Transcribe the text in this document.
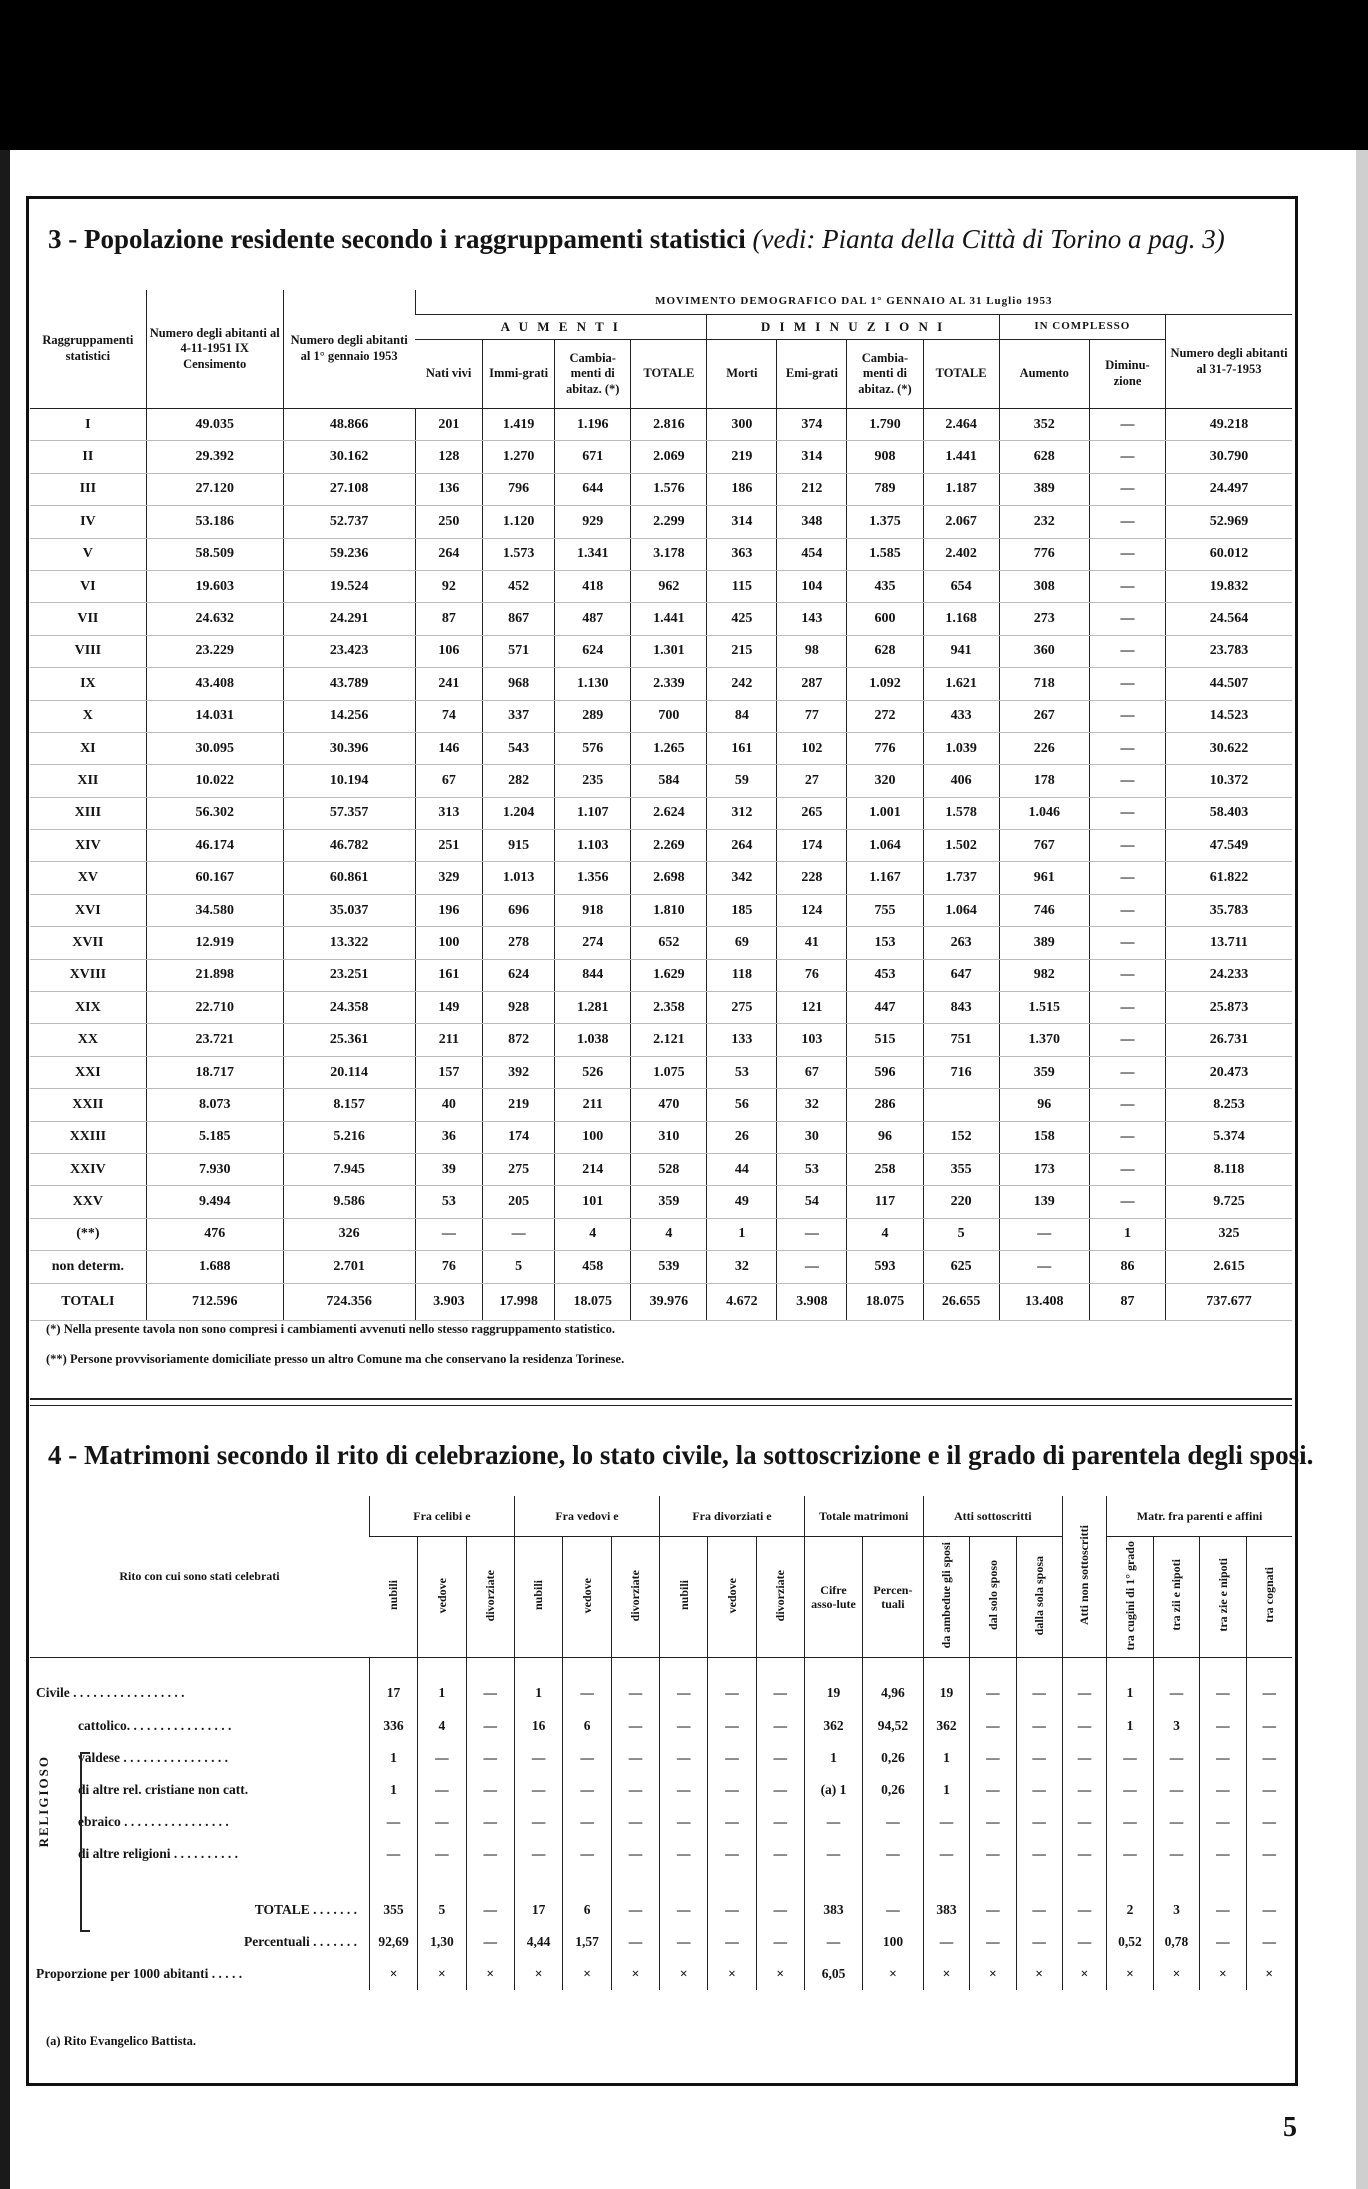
3 - Popolazione residente secondo i raggruppamenti statistici (vedi: Pianta della Città di Torino a pag. 3)
Raggruppamenti statistici	Numero degli abitanti al 4-11-1951 IX Censimento	Numero degli abitanti al 1° gennaio 1953	MOVIMENTO DEMOGRAFICO DAL 1° GENNAIO AL 31 Luglio 1953										
			A U M E N T I				D I M I N U Z I O N I				IN COMPLESSO		Numero degli abitanti al 31-7-1953
			Nati vivi	Immi-grati	Cambia-menti di abitaz. (*)	TOTALE	Morti	Emi-grati	Cambia-menti di abitaz. (*)	TOTALE	Aumento	Diminu-zione	
I	49.035	48.866	201	1.419	1.196	2.816	300	374	1.790	2.464	352	—	49.218
II	29.392	30.162	128	1.270	671	2.069	219	314	908	1.441	628	—	30.790
III	27.120	27.108	136	796	644	1.576	186	212	789	1.187	389	—	24.497
IV	53.186	52.737	250	1.120	929	2.299	314	348	1.375	2.067	232	—	52.969
V	58.509	59.236	264	1.573	1.341	3.178	363	454	1.585	2.402	776	—	60.012
VI	19.603	19.524	92	452	418	962	115	104	435	654	308	—	19.832
VII	24.632	24.291	87	867	487	1.441	425	143	600	1.168	273	—	24.564
VIII	23.229	23.423	106	571	624	1.301	215	98	628	941	360	—	23.783
IX	43.408	43.789	241	968	1.130	2.339	242	287	1.092	1.621	718	—	44.507
X	14.031	14.256	74	337	289	700	84	77	272	433	267	—	14.523
XI	30.095	30.396	146	543	576	1.265	161	102	776	1.039	226	—	30.622
XII	10.022	10.194	67	282	235	584	59	27	320	406	178	—	10.372
XIII	56.302	57.357	313	1.204	1.107	2.624	312	265	1.001	1.578	1.046	—	58.403
XIV	46.174	46.782	251	915	1.103	2.269	264	174	1.064	1.502	767	—	47.549
XV	60.167	60.861	329	1.013	1.356	2.698	342	228	1.167	1.737	961	—	61.822
XVI	34.580	35.037	196	696	918	1.810	185	124	755	1.064	746	—	35.783
XVII	12.919	13.322	100	278	274	652	69	41	153	263	389	—	13.711
XVIII	21.898	23.251	161	624	844	1.629	118	76	453	647	982	—	24.233
XIX	22.710	24.358	149	928	1.281	2.358	275	121	447	843	1.515	—	25.873
XX	23.721	25.361	211	872	1.038	2.121	133	103	515	751	1.370	—	26.731
XXI	18.717	20.114	157	392	526	1.075	53	67	596	716	359	—	20.473
XXII	8.073	8.157	40	219	211	470	56	32	286		96	—	8.253
XXIII	5.185	5.216	36	174	100	310	26	30	96	152	158	—	5.374
XXIV	7.930	7.945	39	275	214	528	44	53	258	355	173	—	8.118
XXV	9.494	9.586	53	205	101	359	49	54	117	220	139	—	9.725
(**)	476	326	—	—	4	4	1	—	4	5	—	1	325
non determ.	1.688	2.701	76	5	458	539	32	—	593	625	—	86	2.615
TOTALI	712.596	724.356	3.903	17.998	18.075	39.976	4.672	3.908	18.075	26.655	13.408	87	737.677
(*) Nella presente tavola non sono compresi i cambiamenti avvenuti nello stesso raggruppamento statistico.
(**) Persone provvisoriamente domiciliate presso un altro Comune ma che conservano la residenza Torinese.
4 - Matrimoni secondo il rito di celebrazione, lo stato civile, la sottoscrizione e il grado di parentela degli sposi.
Rito con cui sono stati celebrati	Fra celibi e			Fra vedovi e			Fra divorziati e			Totale matrimoni		Atti sottoscritti			Atti non sottoscritti	Matr. fra parenti e affini			
	nubili	vedove	divorziate	nubili	vedove	divorziate	nubili	vedove	divorziate	Cifre asso-lute	Percen-tuali	da ambedue gli sposi	dal solo sposo	dalla sola sposa		tra cugini di 1° grado	tra zii e nipoti	tra zie e nipoti	tra cognati
Civile . . . . . . . . . . . . . . . . .	17	1	—	1	—	—	—	—	—	19	4,96	19	—	—	—	1	—	—	—
cattolico. . . . . . . . . . . . . . . .	336	4	—	16	6	—	—	—	—	362	94,52	362	—	—	—	1	3	—	—
valdese . . . . . . . . . . . . . . . .	1	—	—	—	—	—	—	—	—	1	0,26	1	—	—	—	—	—	—	—
di altre rel. cristiane non catt.	1	—	—	—	—	—	—	—	—	(a) 1	0,26	1	—	—	—	—	—	—	—
ebraico . . . . . . . . . . . . . . . .	—	—	—	—	—	—	—	—	—	—	—	—	—	—	—	—	—	—	—
di altre religioni . . . . . . . . . .	—	—	—	—	—	—	—	—	—	—	—	—	—	—	—	—	—	—	—
TOTALE . . . . . . .	355	5	—	17	6	—	—	—	—	383	—	383	—	—	—	2	3	—	—
Percentuali . . . . . . .	92,69	1,30	—	4,44	1,57	—	—	—	—	—	100	—	—	—	—	0,52	0,78	—	—
Proporzione per 1000 abitanti . . . . .	×	×	×	×	×	×	×	×	×	6,05	×	×	×	×	×	×	×	×	×
RELIGIOSO
(a) Rito Evangelico Battista.
5
